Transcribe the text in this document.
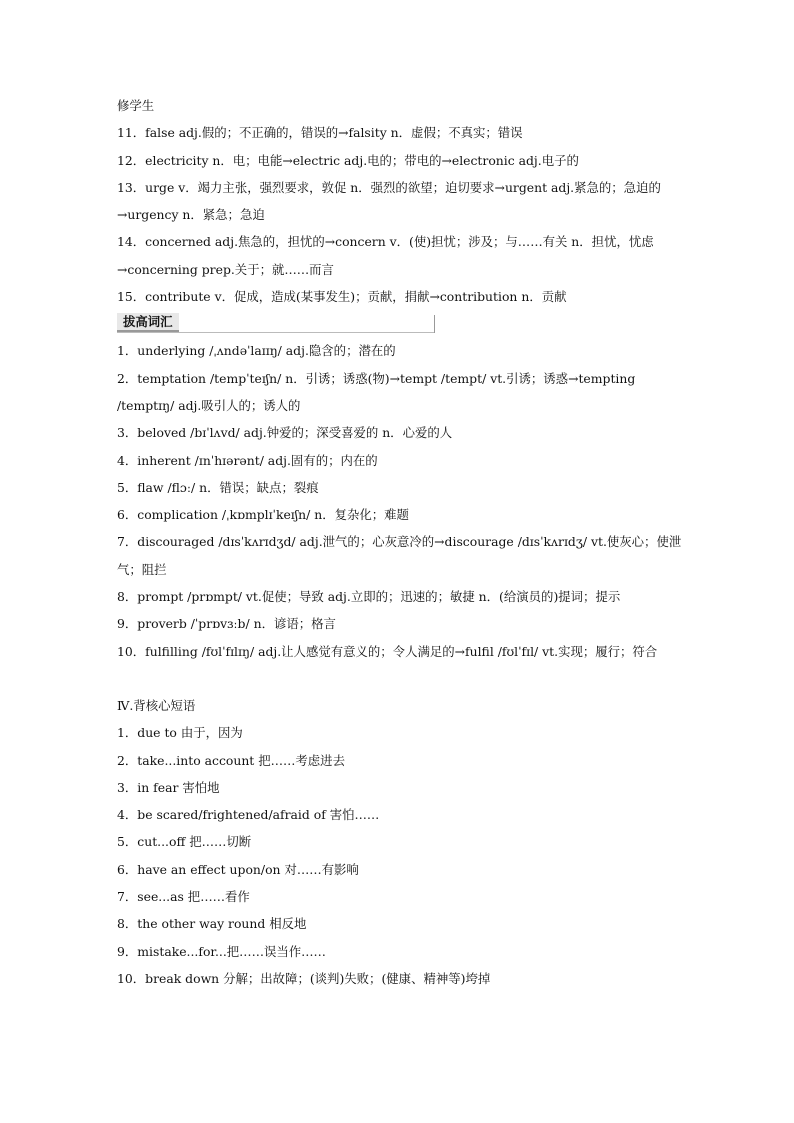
修学生
11．false adj.假的；不正确的，错误的→falsity n．虚假；不真实；错误
12．electricity n．电；电能→electric adj.电的；带电的→electronic adj.电子的
13．urge v．竭力主张，强烈要求，敦促 n．强烈的欲望；迫切要求→urgent adj.紧急的；急迫的→urgency n．紧急；急迫
14．concerned adj.焦急的，担忧的→concern v．(使)担忧；涉及；与……有关 n．担忧，忧虑→concerning prep.关于；就……而言
15．contribute v．促成，造成(某事发生)；贡献，捐献→contribution n．贡献
拔高词汇
1．underlying /ˌʌndəˈlaɪɪŋ/ adj.隐含的；潜在的
2．temptation /tempˈteɪʃn/ n．引诱；诱惑(物)→tempt /tempt/ vt.引诱；诱惑→tempting /temptɪŋ/ adj.吸引人的；诱人的
3．beloved /bɪˈlʌvd/ adj.钟爱的；深受喜爱的 n．心爱的人
4．inherent /ɪnˈhɪərənt/ adj.固有的；内在的
5．flaw /flɔː/ n．错误；缺点；裂痕
6．complication /ˌkɒmplɪˈkeɪʃn/ n．复杂化；难题
7．discouraged /dɪsˈkʌrɪdʒd/ adj.泄气的；心灰意冷的→discourage /dɪsˈkʌrɪdʒ/ vt.使灰心；使泄气；阻拦
8．prompt /prɒmpt/ vt.促使；导致 adj.立即的；迅速的；敏捷 n．(给演员的)提词；提示
9．proverb /ˈprɒvɜːb/ n．谚语；格言
10．fulfilling /fʊlˈfɪlɪŋ/ adj.让人感觉有意义的；令人满足的→fulfil /fʊlˈfɪl/ vt.实现；履行；符合
Ⅳ.背核心短语
1．due to 由于，因为
2．take...into account 把……考虑进去
3．in fear 害怕地
4．be scared/frightened/afraid of 害怕……
5．cut...off 把……切断
6．have an effect upon/on 对……有影响
7．see...as 把……看作
8．the other way round 相反地
9．mistake...for...把……误当作……
10．break down 分解；出故障；(谈判)失败；(健康、精神等)垮掉
